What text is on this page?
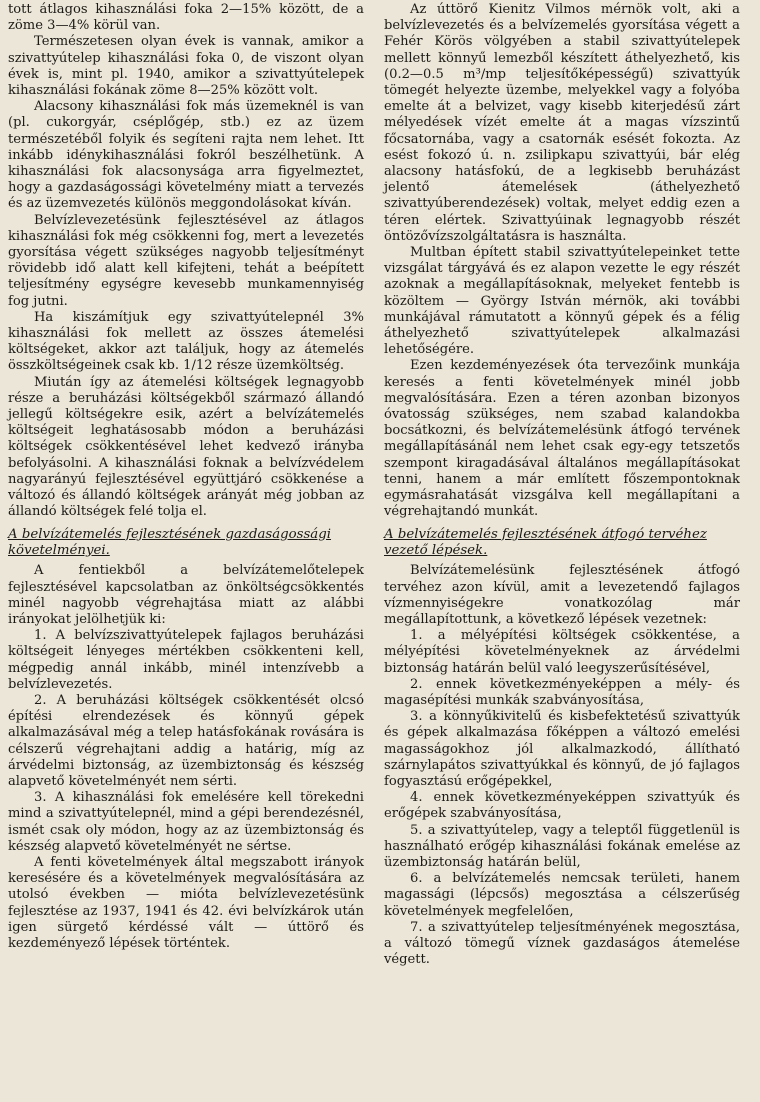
tott átlagos kihasználási foka 2—15% között, de a zöme 3—4% körül van.

Természetesen olyan évek is vannak, amikor a szivattyútelep kihasználási foka 0, de viszont olyan évek is, mint pl. 1940, amikor a szivattyútelepek kihasználási fokának zöme 8—25% között volt.

Alacsony kihasználási fok más üzemeknél is van (pl. cukorgyár, cséplőgép, stb.) ez az üzem természetéből folyik és segíteni rajta nem lehet. Itt inkább idénykihasználási fokról beszélhetünk. A kihasználási fok alacsonysága arra figyelmeztet, hogy a gazdaságossági követelmény miatt a tervezés és az üzemvezetés különös meggondolásokat kíván.

Belvízlevezetésünk fejlesztésével az átlagos kihasználási fok még csökkenni fog, mert a levezetés gyorsítása végett szükséges nagyobb teljesítményt rövidebb idő alatt kell kifejteni, tehát a beépített teljesítmény egységre kevesebb munkamennyiség fog jutni.

Ha kiszámítjuk egy szivattyútelepnél 3% kihasználási fok mellett az összes átemelési költségeket, akkor azt találjuk, hogy az átemelés összköltségeinek csak kb. 1/12 része üzemköltség.

Miután így az átemelési költségek legnagyobb része a beruházási költségekből származó állandó jellegű költségekre esik, azért a belvízátemelés költségeit leghatásosabb módon a beruházási költségek csökkentésével lehet kedvező irányba befolyásolni. A kihasználási foknak a belvízvédelem nagyarányú fejlesztésével együttjáró csökkenése a változó és állandó költségek arányát még jobban az állandó költségek felé tolja el.

A belvízátemelés fejlesztésének gazdaságossági követelményei.

A fentiekből a belvízátemelőtelepek fejlesztésével kapcsolatban az önköltségcsökkentés minél nagyobb végrehajtása miatt az alábbi irányokat jelölhetjük ki:

1. A belvízszivattyútelepek fajlagos beruházási költségeit lényeges mértékben csökkenteni kell, mégpedig annál inkább, minél intenzívebb a belvízlevezetés.

2. A beruházási költségek csökkentését olcsó építési elrendezések és könnyű gépek alkalmazásával még a telep hatásfokának rovására is célszerű végrehajtani addig a határig, míg az árvédelmi biztonság, az üzembiztonság és készség alapvető követelményét nem sérti.

3. A kihasználási fok emelésére kell törekedni mind a szivattyútelepnél, mind a gépi berendezésnél, ismét csak oly módon, hogy az az üzembiztonság és készség alapvető követelményét ne sértse.

A fenti követelmények által megszabott irányok keresésére és a követelmények megvalósítására az utolsó években — miótа belvízlevezetésünk fejlesztése az 1937, 1941 és 42. évi belvízkárok után igen sürgető kérdéssé vált — úttörő és kezdeményező lépések történtek.

Az úttörő Kienitz Vilmos mérnök volt, aki a belvízlevezetés és a belvízemelés gyorsítása végett a Fehér Körös völgyében a stabil szivattyútelepek mellett könnyű lemezből készített áthelyezhető, kis (0.2—0.5 m³/mp teljesítőképességű) szivattyúk tömegét helyezte üzembe, melyekkel vagy a folyóba emelte át a belvizet, vagy kisebb kiterjedésű zárt mélyedések vízét emelte át a magas vízszintű főcsatornába, vagy a csatornák esését fokozta. Az esést fokozó ú. n. zsilipkapu szivattyúi, bár elég alacsony hatásfokú, de a legkisebb beruházást jelentő átemelések (áthelyezhető szivattyúberendezések) voltak, melyet eddig ezen a téren elértek. Szivattyúinak legnagyobb részét öntözővízszolgáltatásra is használta.

Multban épített stabil szivattyútelepeinket tette vizsgálat tárgyává és ez alapon vezette le egy részét azoknak a megállapításoknak, melyeket fentebb is közöltem — György István mérnök, aki további munkájával rámutatott a könnyű gépek és a félig áthelyezhető szivattyútelepek alkalmazási lehetőségére.

Ezen kezdeményezések óta tervezőink munkája keresés a fenti követelmények minél jobb megvalósítására. Ezen a téren azonban bizonyos óvatosság szükséges, nem szabad kalandokba bocsátkozni, és belvízátemelésünk átfogó tervének megállapításánál nem lehet csak egy-egy tetszetős szempont kiragadásával általános megállapításokat tenni, hanem a már említett főszempontoknak egymásrahatását vizsgálva kell megállapítani a végrehajtandó munkát.

A belvízátemelés fejlesztésének átfogó tervéhez vezető lépések.

Belvízátemelésünk fejlesztésének átfogó tervéhez azon kívül, amit a levezetendő fajlagos vízmennyiségekre vonatkozólag már megállapítottunk, a következő lépések vezetnek:

1. a mélyépítési költségek csökkentése, a mélyépítési követelményeknek az árvédelmi biztonság határán belül való leegyszerűsítésével,

2. ennek következményeképpen a mély- és magasépítési munkák szabványosítása,

3. a könnyűkivitelű és kisbefektetésű szivattyúk és gépek alkalmazása főképpen a változó emelési magasságokhoz jól alkalmazkodó, állítható szárnylapátos szivattyúkkal és könnyű, de jó fajlagos fogyasztású erőgépekkel,

4. ennek következményeképpen szivattyúk és erőgépek szabványosítása,

5. a szivattyútelep, vagy a teleptől függetlenül is használható erőgép kihasználási fokának emelése az üzembiztonság határán belül,

6. a belvízátemelés nemcsak területi, hanem magassági (lépcsős) megosztása a célszerűség követelmények megfelelően,

7. a szivattyútelep teljesítményének megosztása, a változó tömegű víznek gazdaságos átemelése végett.
